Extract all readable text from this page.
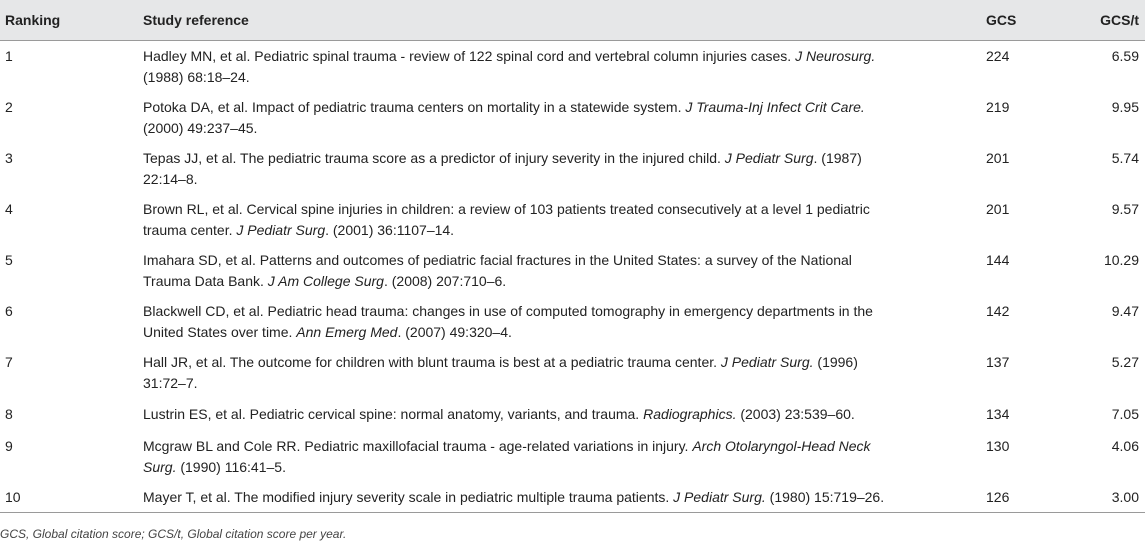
Ranking	Study reference	GCS	GCS/t
1	Hadley MN, et al. Pediatric spinal trauma - review of 122 spinal cord and vertebral column injuries cases. J Neurosurg. (1988) 68:18–24.	224	6.59
2	Potoka DA, et al. Impact of pediatric trauma centers on mortality in a statewide system. J Trauma-Inj Infect Crit Care. (2000) 49:237–45.	219	9.95
3	Tepas JJ, et al. The pediatric trauma score as a predictor of injury severity in the injured child. J Pediatr Surg. (1987) 22:14–8.	201	5.74
4	Brown RL, et al. Cervical spine injuries in children: a review of 103 patients treated consecutively at a level 1 pediatric trauma center. J Pediatr Surg. (2001) 36:1107–14.	201	9.57
5	Imahara SD, et al. Patterns and outcomes of pediatric facial fractures in the United States: a survey of the National Trauma Data Bank. J Am College Surg. (2008) 207:710–6.	144	10.29
6	Blackwell CD, et al. Pediatric head trauma: changes in use of computed tomography in emergency departments in the United States over time. Ann Emerg Med. (2007) 49:320–4.	142	9.47
7	Hall JR, et al. The outcome for children with blunt trauma is best at a pediatric trauma center. J Pediatr Surg. (1996) 31:72–7.	137	5.27
8	Lustrin ES, et al. Pediatric cervical spine: normal anatomy, variants, and trauma. Radiographics. (2003) 23:539–60.	134	7.05
9	Mcgraw BL and Cole RR. Pediatric maxillofacial trauma - age-related variations in injury. Arch Otolaryngol-Head Neck Surg. (1990) 116:41–5.	130	4.06
10	Mayer T, et al. The modified injury severity scale in pediatric multiple trauma patients. J Pediatr Surg. (1980) 15:719–26.	126	3.00
GCS, Global citation score; GCS/t, Global citation score per year.
